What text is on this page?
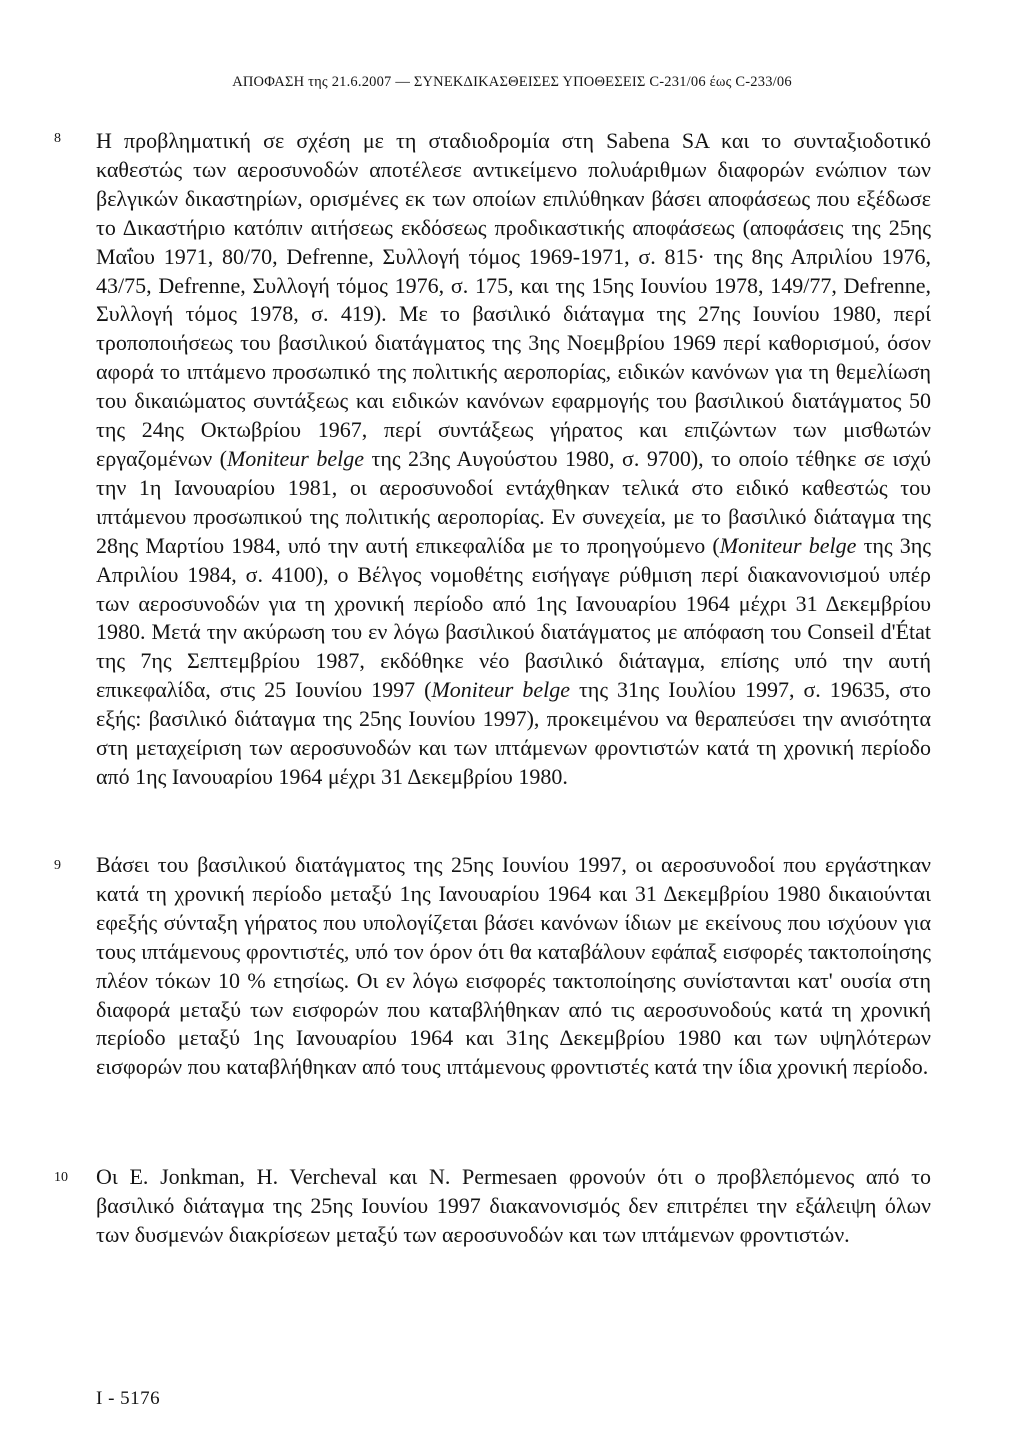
ΑΠΟΦΑΣΗ της 21.6.2007 — ΣΥΝΕΚΔΙΚΑΣΘΕΙΣΕΣ ΥΠΟΘΕΣΕΙΣ C-231/06 έως C-233/06
8 Η προβληματική σε σχέση με τη σταδιοδρομία στη Sabena SA και το συνταξιοδοτικό καθεστώς των αεροσυνοδών αποτέλεσε αντικείμενο πολυάριθμων διαφορών ενώπιον των βελγικών δικαστηρίων, ορισμένες εκ των οποίων επιλύθηκαν βάσει αποφάσεως που εξέδωσε το Δικαστήριο κατόπιν αιτήσεως εκδόσεως προδικαστικής αποφάσεως (αποφάσεις της 25ης Μαΐου 1971, 80/70, Defrenne, Συλλογή τόμος 1969-1971, σ. 815· της 8ης Απριλίου 1976, 43/75, Defrenne, Συλλογή τόμος 1976, σ. 175, και της 15ης Ιουνίου 1978, 149/77, Defrenne, Συλλογή τόμος 1978, σ. 419). Με το βασιλικό διάταγμα της 27ης Ιουνίου 1980, περί τροποποιήσεως του βασιλικού διατάγματος της 3ης Νοεμβρίου 1969 περί καθορισμού, όσον αφορά το ιπτάμενο προσωπικό της πολιτικής αεροπορίας, ειδικών κανόνων για τη θεμελίωση του δικαιώματος συντάξεως και ειδικών κανόνων εφαρμογής του βασιλικού διατάγματος 50 της 24ης Οκτωβρίου 1967, περί συντάξεως γήρατος και επιζώντων των μισθωτών εργαζομένων (Moniteur belge της 23ης Αυγούστου 1980, σ. 9700), το οποίο τέθηκε σε ισχύ την 1η Ιανουαρίου 1981, οι αεροσυνοδοί εντάχθηκαν τελικά στο ειδικό καθεστώς του ιπτάμενου προσωπικού της πολιτικής αεροπορίας. Εν συνεχεία, με το βασιλικό διάταγμα της 28ης Μαρτίου 1984, υπό την αυτή επικεφαλίδα με το προηγούμενο (Moniteur belge της 3ης Απριλίου 1984, σ. 4100), ο Βέλγος νομοθέτης εισήγαγε ρύθμιση περί διακανονισμού υπέρ των αεροσυνοδών για τη χρονική περίοδο από 1ης Ιανουαρίου 1964 μέχρι 31 Δεκεμβρίου 1980. Μετά την ακύρωση του εν λόγω βασιλικού διατάγματος με απόφαση του Conseil d'État της 7ης Σεπτεμβρίου 1987, εκδόθηκε νέο βασιλικό διάταγμα, επίσης υπό την αυτή επικεφαλίδα, στις 25 Ιουνίου 1997 (Moniteur belge της 31ης Ιουλίου 1997, σ. 19635, στο εξής: βασιλικό διάταγμα της 25ης Ιουνίου 1997), προκειμένου να θεραπεύσει την ανισότητα στη μεταχείριση των αεροσυνοδών και των ιπτάμενων φροντιστών κατά τη χρονική περίοδο από 1ης Ιανουαρίου 1964 μέχρι 31 Δεκεμβρίου 1980.
9 Βάσει του βασιλικού διατάγματος της 25ης Ιουνίου 1997, οι αεροσυνοδοί που εργάστηκαν κατά τη χρονική περίοδο μεταξύ 1ης Ιανουαρίου 1964 και 31 Δεκεμβρίου 1980 δικαιούνται εφεξής σύνταξη γήρατος που υπολογίζεται βάσει κανόνων ίδιων με εκείνους που ισχύουν για τους ιπτάμενους φροντιστές, υπό τον όρον ότι θα καταβάλουν εφάπαξ εισφορές τακτοποίησης πλέον τόκων 10 % ετησίως. Οι εν λόγω εισφορές τακτοποίησης συνίστανται κατ' ουσία στη διαφορά μεταξύ των εισφορών που καταβλήθηκαν από τις αεροσυνοδούς κατά τη χρονική περίοδο μεταξύ 1ης Ιανουαρίου 1964 και 31ης Δεκεμβρίου 1980 και των υψηλότερων εισφορών που καταβλήθηκαν από τους ιπτάμενους φροντιστές κατά την ίδια χρονική περίοδο.
10 Οι E. Jonkman, H. Vercheval και N. Permesaen φρονούν ότι ο προβλεπόμενος από το βασιλικό διάταγμα της 25ης Ιουνίου 1997 διακανονισμός δεν επιτρέπει την εξάλειψη όλων των δυσμενών διακρίσεων μεταξύ των αεροσυνοδών και των ιπτάμενων φροντιστών.
I - 5176
